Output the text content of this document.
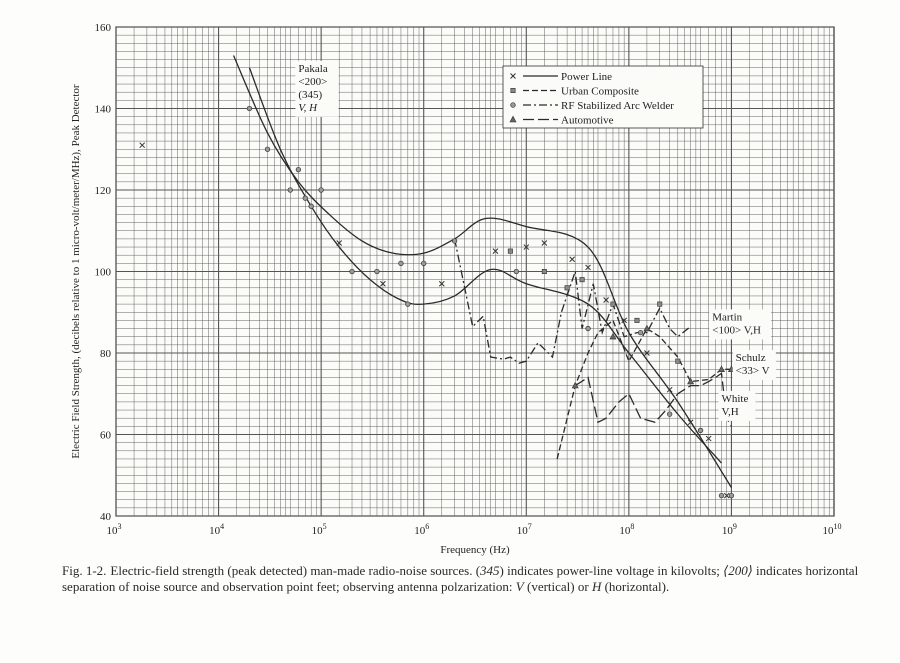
40
60
80
100
120
140
160
$10^3$	$10^4$	$10^5$	$10^6$	$10^7$	$10^8$	$10^9$	$10^{10}$
Frequency (Hz)
Electric Field Strength, (decibels relative to 1 micro-volt/meter/MHz), Peak Detector
Power Line
Urban Composite
RF Stabilized Arc Welder
Automotive
Pakala
<200>
(345)
V, H
Martin
<100> V,H
Schulz
<33> V
White
V,H
Fig. 1-2. Electric-field strength (peak detected) man-made radio-noise sources. (345) indicates power-line voltage in kilovolts; ⟨200⟩ indicates horizontal separation of noise source and observation point feet; observing antenna polzarization: V (vertical) or H (horizontal).
